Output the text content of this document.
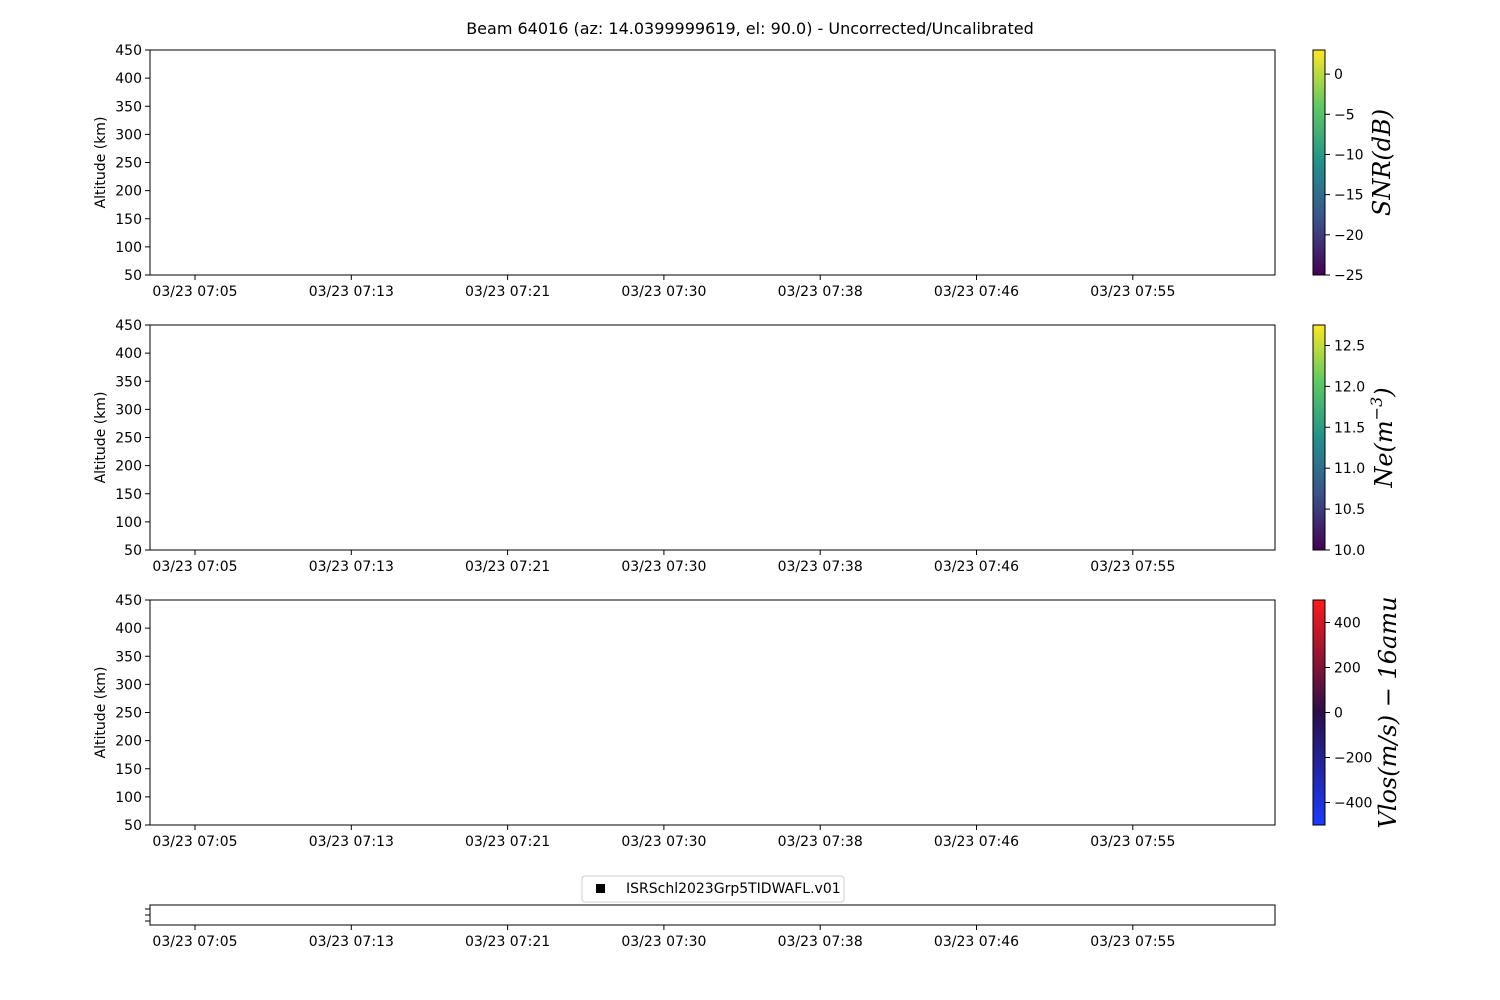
Beam 64016 (az: 14.0399999619, el: 90.0) - Uncorrected/Uncalibrated
50
100
150
200
250
300
350
400
450
03/23 07:05	03/23 07:13	03/23 07:21	03/23 07:30	03/23 07:38	03/23 07:46	03/23 07:55
Altitude (km)
−25
−20
−15
−10
−5
0
SNR(dB)
50
100
150
200
250
300
350
400
450
03/23 07:05	03/23 07:13	03/23 07:21	03/23 07:30	03/23 07:38	03/23 07:46	03/23 07:55
Altitude (km)
10.0
10.5
11.0
11.5
12.0
12.5
$Ne(m^{-3})$
50
100
150
200
250
300
350
400
450
03/23 07:05	03/23 07:13	03/23 07:21	03/23 07:30	03/23 07:38	03/23 07:46	03/23 07:55
Altitude (km)
−400
−200
0
200
400 Vlos(m/s) − 16amu
03/23 07:05	03/23 07:13	03/23 07:21	03/23 07:30	03/23 07:38	03/23 07:46	03/23 07:55
ISRSchl2023Grp5TIDWAFL.v01
